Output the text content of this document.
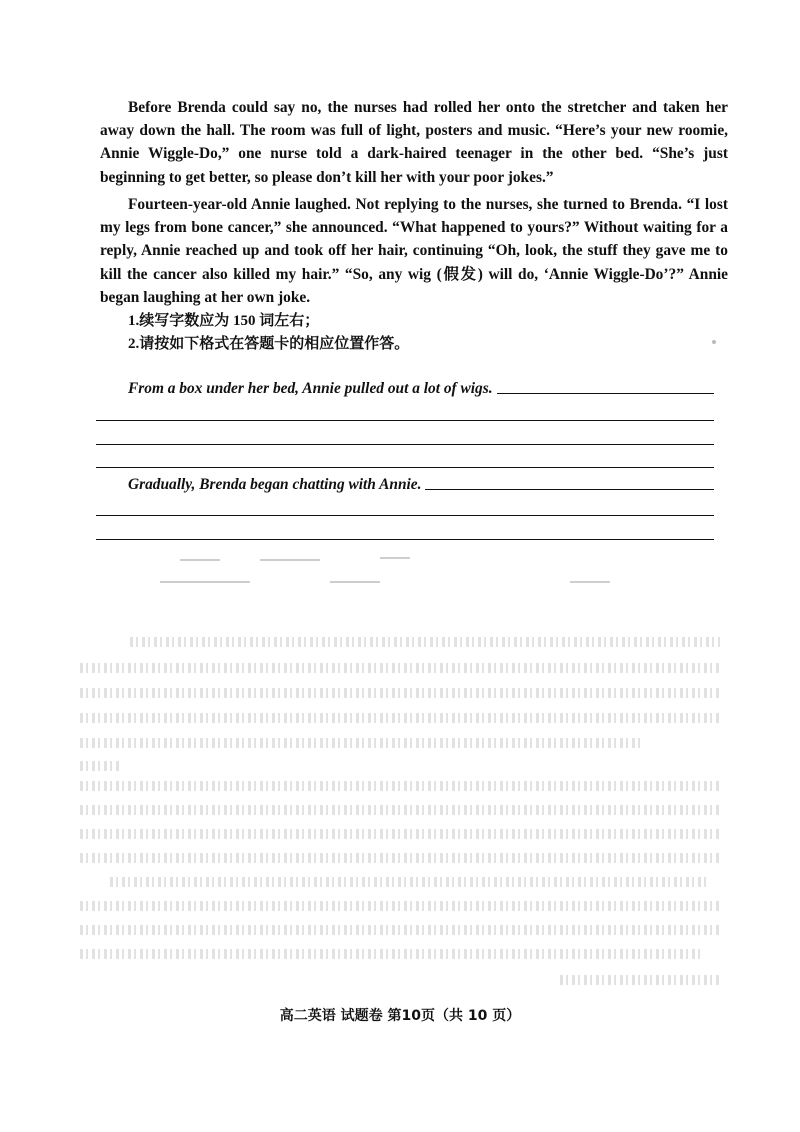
Before Brenda could say no, the nurses had rolled her onto the stretcher and taken her away down the hall. The room was full of light, posters and music. “Here’s your new roomie, Annie Wiggle-Do,” one nurse told a dark-haired teenager in the other bed. “She’s just beginning to get better, so please don’t kill her with your poor jokes.”

Fourteen-year-old Annie laughed. Not replying to the nurses, she turned to Brenda. “I lost my legs from bone cancer,” she announced. “What happened to yours?” Without waiting for a reply, Annie reached up and took off her hair, continuing “Oh, look, the stuff they gave me to kill the cancer also killed my hair.” “So, any wig (假发) will do, ‘Annie Wiggle-Do’?” Annie began laughing at her own joke.

1.续写字数应为 150 词左右；

2.请按如下格式在答题卡的相应位置作答。

From a box under her bed, Annie pulled out a lot of wigs.
Gradually, Brenda began chatting with Annie.
高二英语 试题卷 第10页（共 10 页）
